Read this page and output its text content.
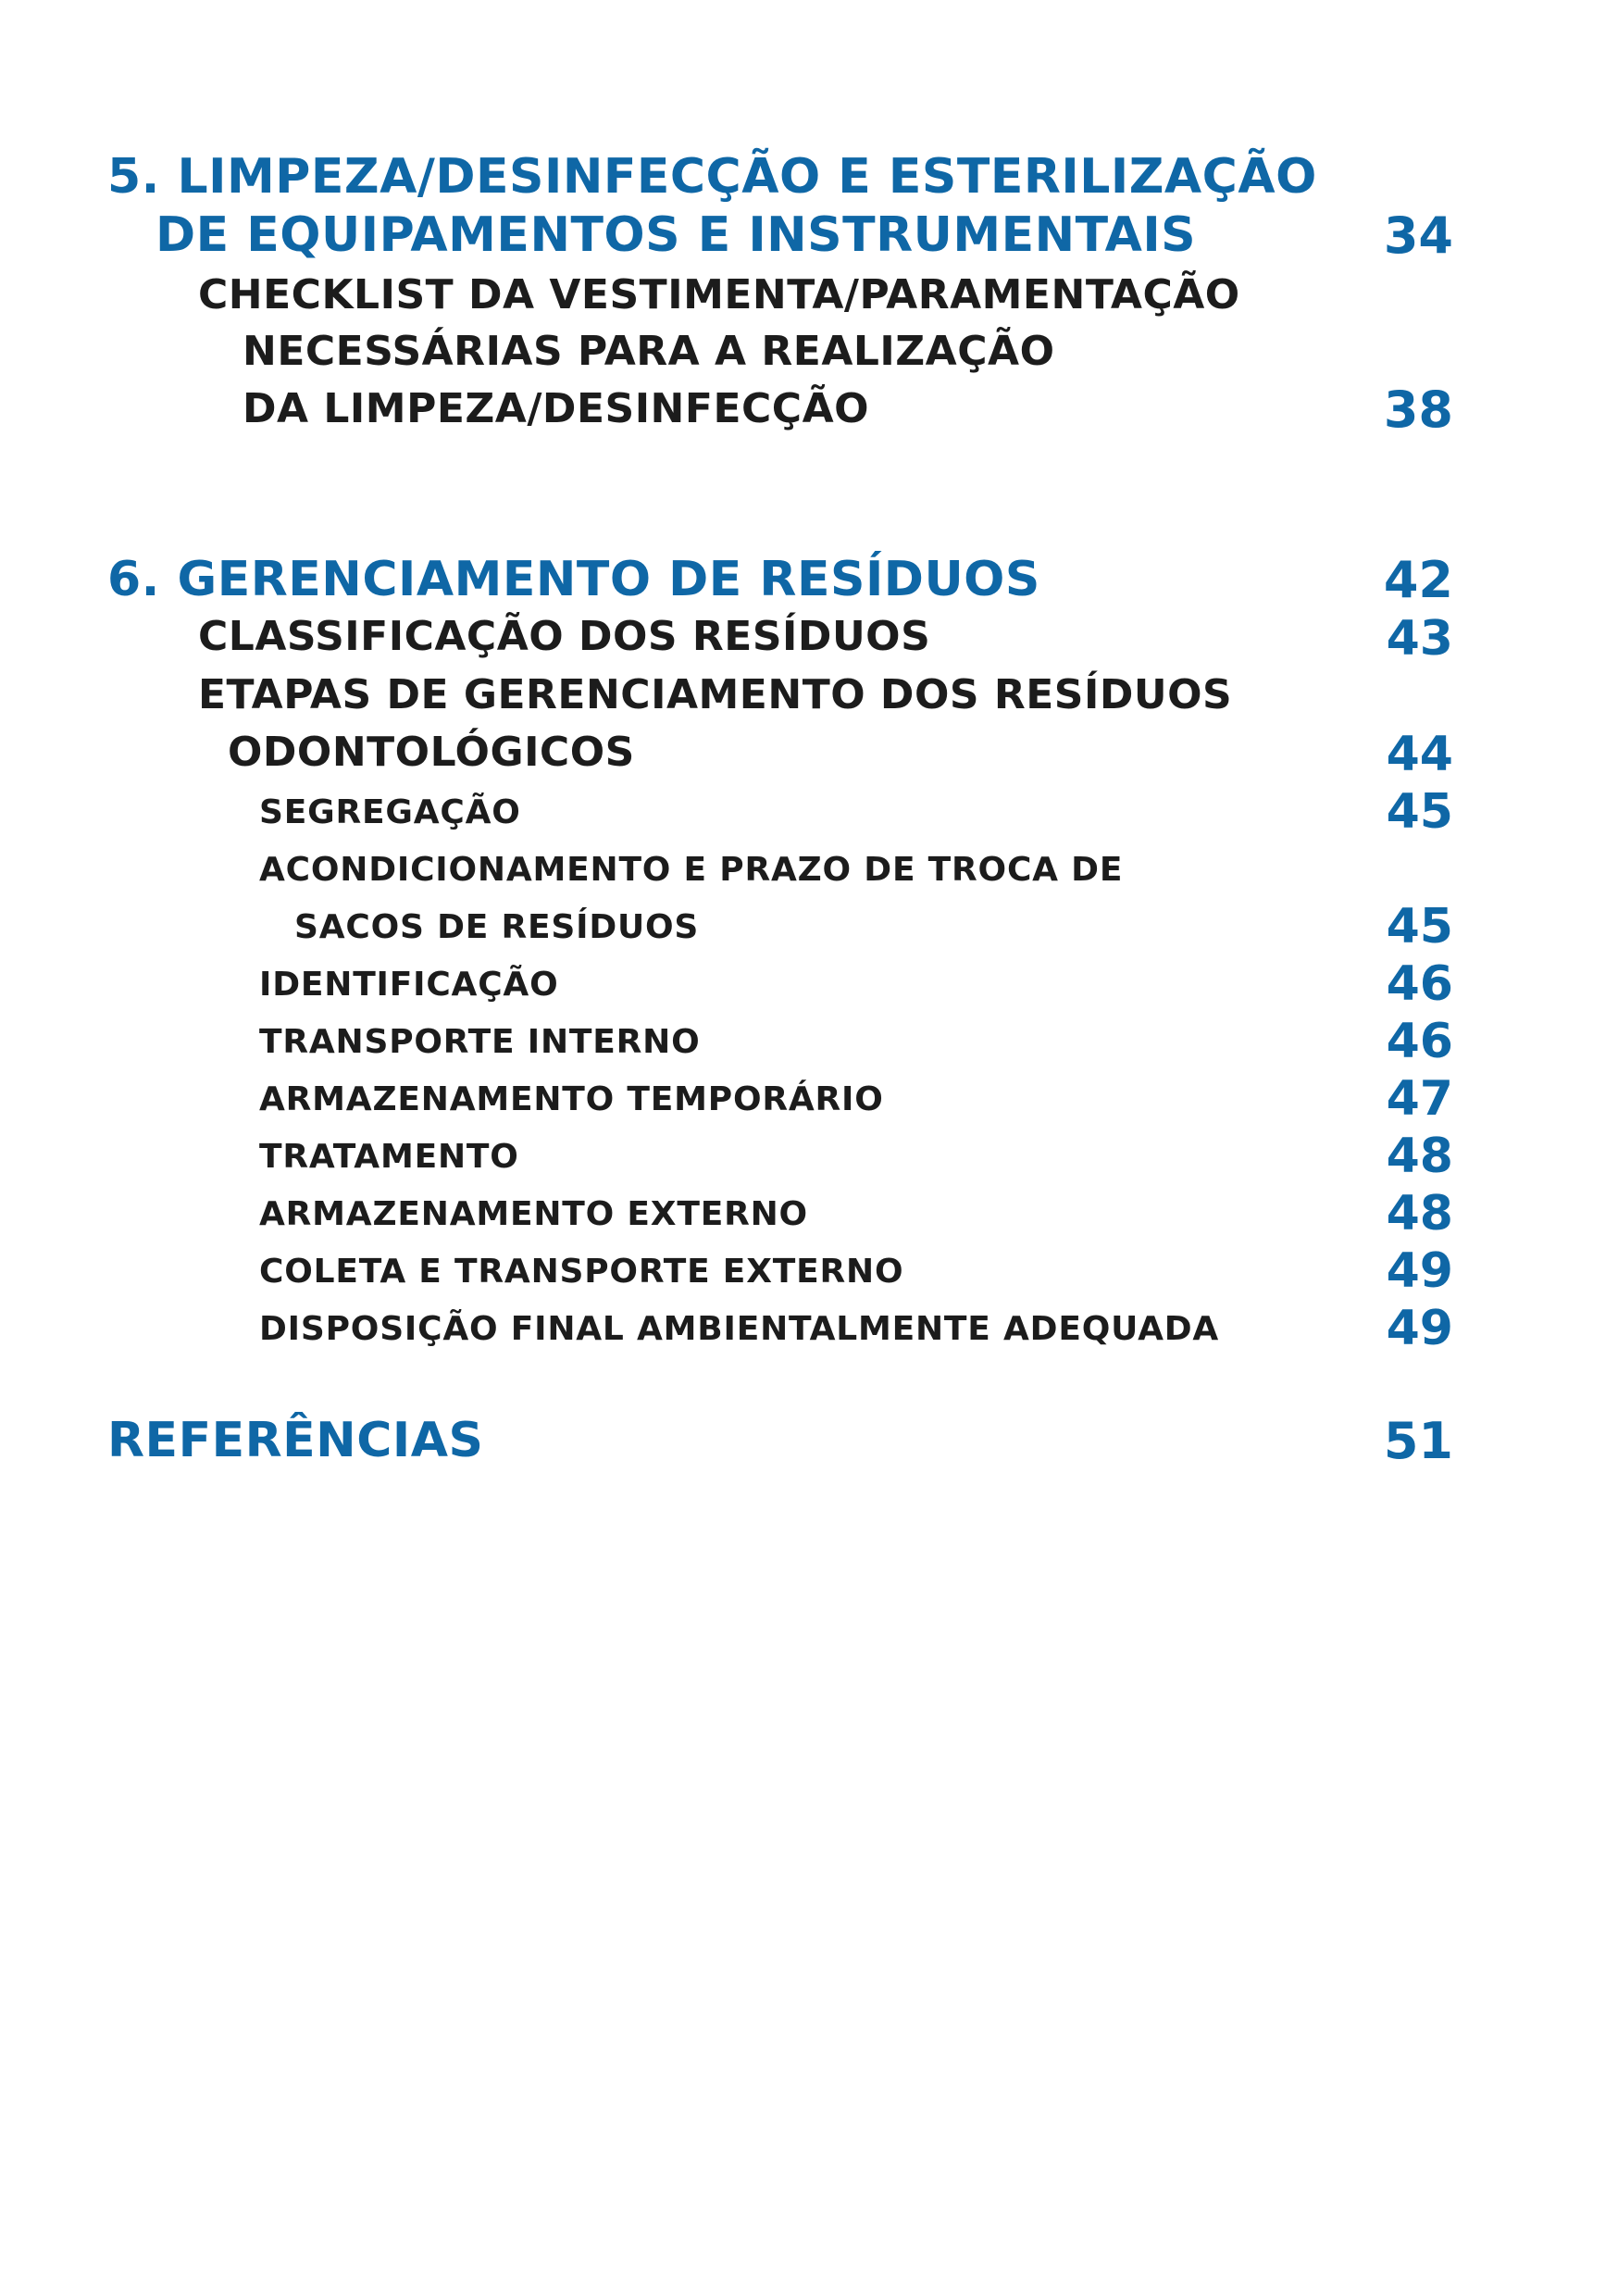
5. LIMPEZA/DESINFECÇÃO E ESTERILIZAÇÃO
DE EQUIPAMENTOS E INSTRUMENTAIS	34
CHECKLIST DA VESTIMENTA/PARAMENTAÇÃO
NECESSÁRIAS PARA A REALIZAÇÃO
DA LIMPEZA/DESINFECÇÃO	38
6. GERENCIAMENTO DE RESÍDUOS	42
CLASSIFICAÇÃO DOS RESÍDUOS	43
ETAPAS DE GERENCIAMENTO DOS RESÍDUOS
ODONTOLÓGICOS	44
SEGREGAÇÃO	45
ACONDICIONAMENTO E PRAZO DE TROCA DE
SACOS DE RESÍDUOS	45
IDENTIFICAÇÃO	46
TRANSPORTE INTERNO	46
ARMAZENAMENTO TEMPORÁRIO	47
TRATAMENTO	48
ARMAZENAMENTO EXTERNO	48
COLETA E TRANSPORTE EXTERNO	49
DISPOSIÇÃO FINAL AMBIENTALMENTE ADEQUADA	49
REFERÊNCIAS	51
